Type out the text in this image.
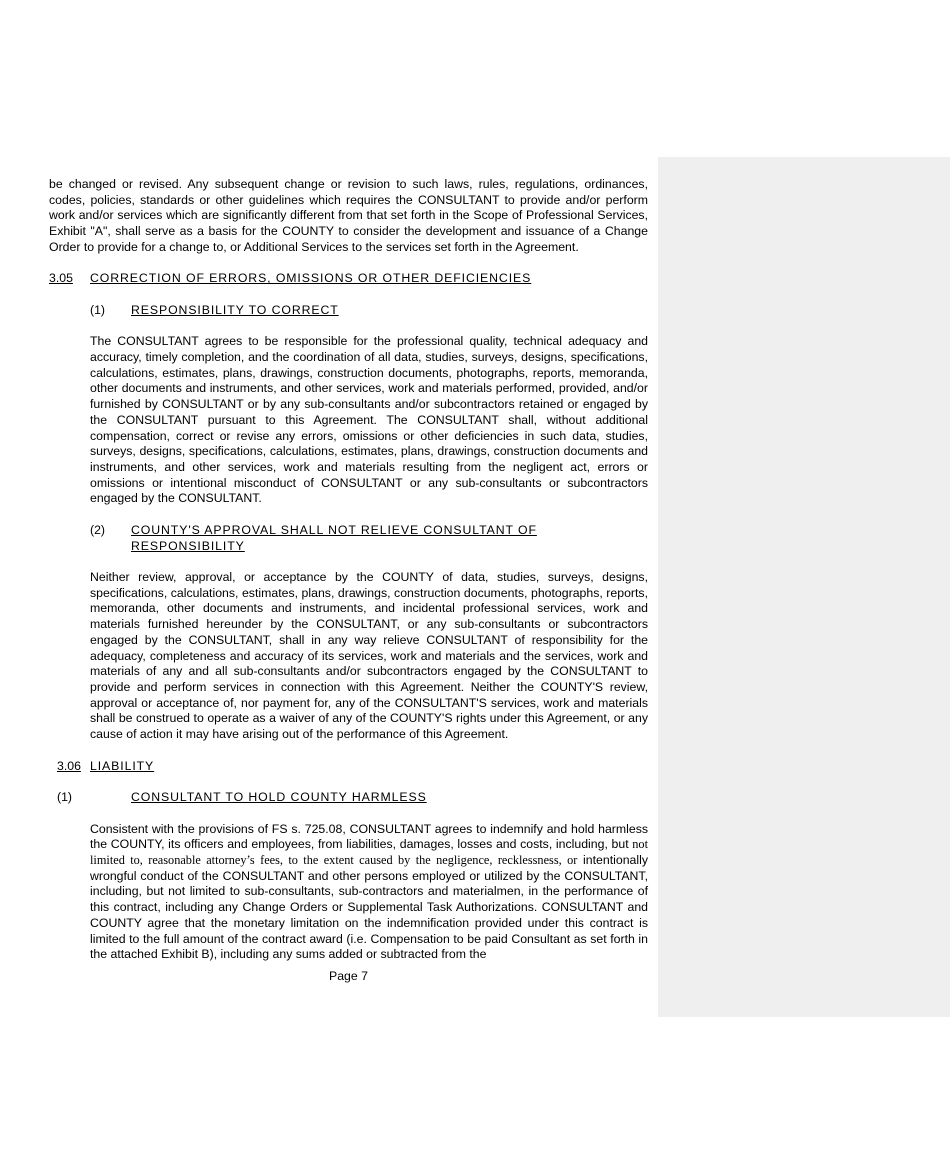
be changed or revised. Any subsequent change or revision to such laws, rules, regulations, ordinances, codes, policies, standards or other guidelines which requires the CONSULTANT to provide and/or perform work and/or services which are significantly different from that set forth in the Scope of Professional Services, Exhibit "A", shall serve as a basis for the COUNTY to consider the development and issuance of a Change Order to provide for a change to, or Additional Services to the services set forth in the Agreement.

3.05	CORRECTION OF ERRORS, OMISSIONS OR OTHER DEFICIENCIES
(1)	RESPONSIBILITY TO CORRECT

The CONSULTANT agrees to be responsible for the professional quality, technical adequacy and accuracy, timely completion, and the coordination of all data, studies, surveys, designs, specifications, calculations, estimates, plans, drawings, construction documents, photographs, reports, memoranda, other documents and instruments, and other services, work and materials performed, provided, and/or furnished by CONSULTANT or by any sub-consultants and/or subcontractors retained or engaged by the CONSULTANT pursuant to this Agreement. The CONSULTANT shall, without additional compensation, correct or revise any errors, omissions or other deficiencies in such data, studies, surveys, designs, specifications, calculations, estimates, plans, drawings, construction documents and instruments, and other services, work and materials resulting from the negligent act, errors or omissions or intentional misconduct of CONSULTANT or any sub-consultants or subcontractors engaged by the CONSULTANT.

(2)	COUNTY'S APPROVAL SHALL NOT RELIEVE CONSULTANT OF RESPONSIBILITY

Neither review, approval, or acceptance by the COUNTY of data, studies, surveys, designs, specifications, calculations, estimates, plans, drawings, construction documents, photographs, reports, memoranda, other documents and instruments, and incidental professional services, work and materials furnished hereunder by the CONSULTANT, or any sub-consultants or subcontractors engaged by the CONSULTANT, shall in any way relieve CONSULTANT of responsibility for the adequacy, completeness and accuracy of its services, work and materials and the services, work and materials of any and all sub-consultants and/or subcontractors engaged by the CONSULTANT to provide and perform services in connection with this Agreement. Neither the COUNTY'S review, approval or acceptance of, nor payment for, any of the CONSULTANT'S services, work and materials shall be construed to operate as a waiver of any of the COUNTY'S rights under this Agreement, or any cause of action it may have arising out of the performance of this Agreement.

3.06 LIABILITY
(1)	CONSULTANT TO HOLD COUNTY HARMLESS

Consistent with the provisions of FS s. 725.08, CONSULTANT agrees to indemnify and hold harmless the COUNTY, its officers and employees, from liabilities, damages, losses and costs, including, but not limited to, reasonable attorney’s fees, to the extent caused by the negligence, recklessness, or intentionally wrongful conduct of the CONSULTANT and other persons employed or utilized by the CONSULTANT, including, but not limited to sub-consultants, sub-contractors and materialmen, in the performance of this contract, including any Change Orders or Supplemental Task Authorizations. CONSULTANT and COUNTY agree that the monetary limitation on the indemnification provided under this contract is limited to the full amount of the contract award (i.e. Compensation to be paid Consultant as set forth in the attached Exhibit B), including any sums added or subtracted from the

Page 7
